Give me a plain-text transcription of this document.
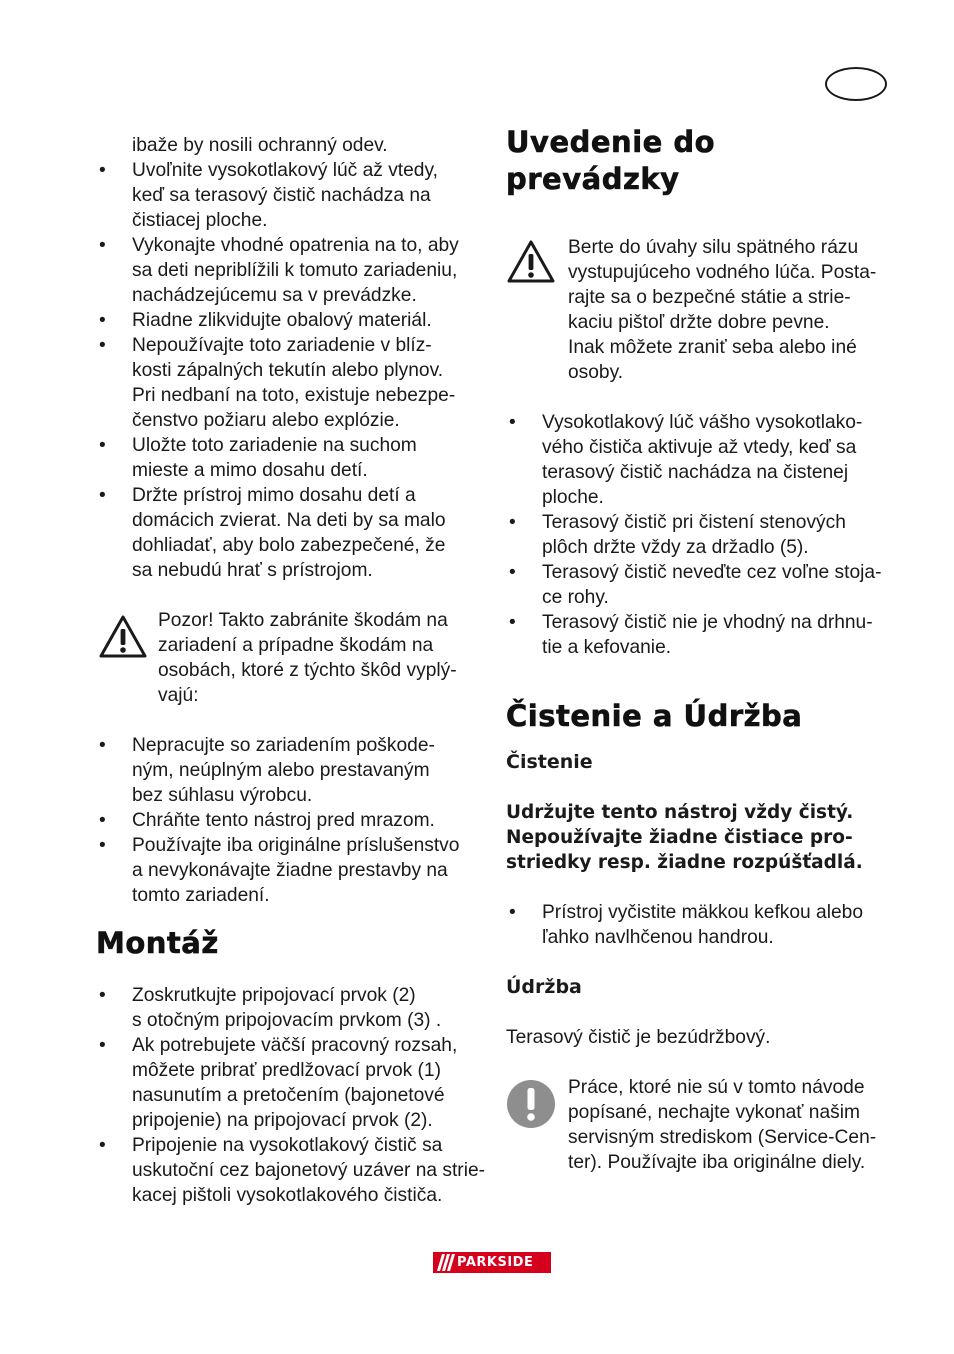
ibaže by nosili ochranný odev.
• Uvoľnite vysokotlakový lúč až vtedy,
keď sa terasový čistič nachádza na
čistiacej ploche.
• Vykonajte vhodné opatrenia na to, aby
sa deti nepriblížili k tomuto zariadeniu,
nachádzejúcemu sa v prevádzke.
• Riadne zlikvidujte obalový materiál.
• Nepoužívajte toto zariadenie v blíz-
kosti zápalných tekutín alebo plynov.
Pri nedbaní na toto, existuje nebezpe-
čenstvo požiaru alebo explózie.
• Uložte toto zariadenie na suchom
mieste a mimo dosahu detí.
• Držte prístroj mimo dosahu detí a
domácich zvierat. Na deti by sa malo
dohliadať, aby bolo zabezpečené, že
sa nebudú hrať s prístrojom.
Pozor! Takto zabránite škodám na
zariadení a prípadne škodám na
osobách, ktoré z týchto škôd vyplý-
vajú:
• Nepracujte so zariadením poškode-
ným, neúplným alebo prestavaným
bez súhlasu výrobcu.
• Chráňte tento nástroj pred mrazom.
• Používajte iba originálne príslušenstvo
a nevykonávajte žiadne prestavby na
tomto zariadení.
Montáž
• Zoskrutkujte pripojovací prvok (2)
s otočným pripojovacím prvkom (3) .
• Ak potrebujete väčší pracovný rozsah,
môžete pribrať predlžovací prvok (1)
nasunutím a pretočením (bajonetové
pripojenie) na pripojovací prvok (2).
• Pripojenie na vysokotlakový čistič sa
uskutoční cez bajonetový uzáver na strie-
kacej pištoli vysokotlakového čističa.
Uvedenie do
prevádzky
Berte do úvahy silu spätného rázu
vystupujúceho vodného lúča. Posta-
rajte sa o bezpečné státie a strie-
kaciu pištoľ držte dobre pevne.
Inak môžete zraniť seba alebo iné
osoby.
• Vysokotlakový lúč vášho vysokotlako-
vého čističa aktivuje až vtedy, keď sa
terasový čistič nachádza na čistenej
ploche.
• Terasový čistič pri čistení stenových
plôch držte vždy za držadlo (5).
• Terasový čistič neveďte cez voľne stoja-
ce rohy.
• Terasový čistič nie je vhodný na drhnu-
tie a kefovanie.
Čistenie a Údržba
Čistenie
Udržujte tento nástroj vždy čistý.
Nepoužívajte žiadne čistiace pro-
striedky resp. žiadne rozpúšťadlá.
• Prístroj vyčistite mäkkou kefkou alebo
ľahko navlhčenou handrou.
Údržba
Terasový čistič je bezúdržbový.
Práce, ktoré nie sú v tomto návode
popísané, nechajte vykonať našim
servisným strediskom (Service-Cen-
ter). Používajte iba originálne diely.
PARKSIDE
